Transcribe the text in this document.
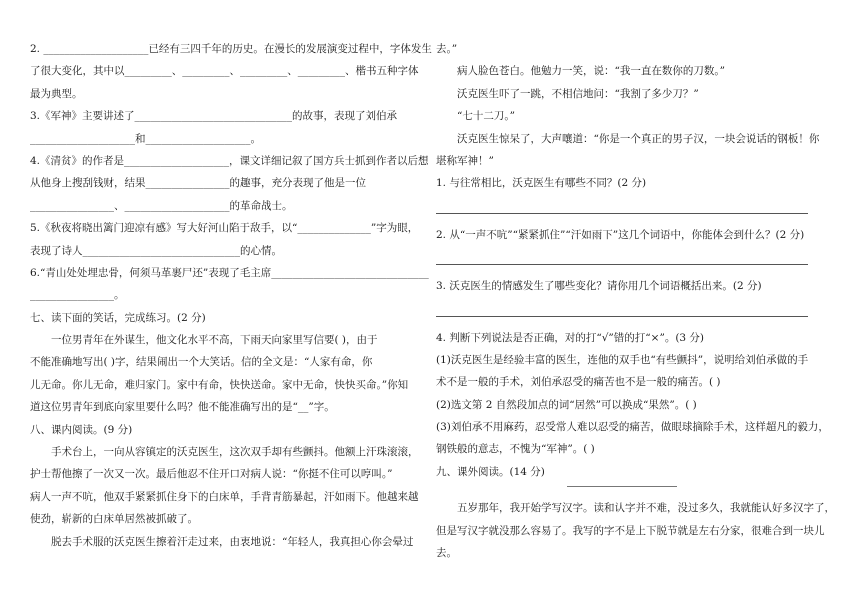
2. ____________________已经有三四千年的历史。在漫长的发展演变过程中，字体发生

了很大变化，其中以_________、_________、_________、_________、楷书五种字体

最为典型。

3.《军神》主要讲述了______________________________的故事，表现了刘伯承

____________________和____________________。

4.《清贫》的作者是____________________，课文详细记叙了国方兵士抓到作者以后想

从他身上搜刮钱财，结果________________的趣事，充分表现了他是一位

________________、____________________的革命战士。

5.《秋夜将晓出篱门迎凉有感》写大好河山陷于敌手，以“______________”字为眼，

表现了诗人______________________________的心情。

6.“青山处处埋忠骨，何须马革裹尸还”表现了毛主席______________________________

________________。

七、读下面的笑话，完成练习。(2 分)

一位男青年在外谋生，他文化水平不高，下雨天向家里写信要( )，由于

不能准确地写出( )字，结果闹出一个大笑话。信的全文是：“人家有命，你

儿无命。你儿无命，难归家门。家中有命，快快送命。家中无命，快快买命。”你知

道这位男青年到底向家里要什么吗？他不能准确写出的是“__”字。

八、课内阅读。(9 分)

手术台上，一向从容镇定的沃克医生，这次双手却有些颤抖。他额上汗珠滚滚，

护士帮他擦了一次又一次。最后他忍不住开口对病人说：“你挺不住可以哼叫。”

病人一声不吭，他双手紧紧抓住身下的白床单，手背青筋暴起，汗如雨下。他越来越

使劲，崭新的白床单居然被抓破了。

脱去手术服的沃克医生擦着汗走过来，由衷地说：“年轻人，我真担心你会晕过

去。”

病人脸色苍白。他勉力一笑，说：“我一直在数你的刀数。”

沃克医生吓了一跳，不相信地问：“我割了多少刀？”

“七十二刀。”

沃克医生惊呆了，大声嚷道：“你是一个真正的男子汉，一块会说话的钢板！你

堪称军神！”

1. 与往常相比，沃克医生有哪些不同？(2 分)

2. 从“一声不吭”“紧紧抓住”“汗如雨下”这几个词语中，你能体会到什么？(2 分)

3. 沃克医生的情感发生了哪些变化？请你用几个词语概括出来。(2 分)

4. 判断下列说法是否正确，对的打“√”错的打“×”。(3 分)

(1)沃克医生是经验丰富的医生，连他的双手也“有些颤抖”，说明给刘伯承做的手

术不是一般的手术，刘伯承忍受的痛苦也不是一般的痛苦。( )

(2)选文第 2 自然段加点的词“居然”可以换成“果然”。( )

(3)刘伯承不用麻药，忍受常人难以忍受的痛苦，做眼球摘除手术，这样超凡的毅力，

钢铁般的意志，不愧为“军神”。( )

九、课外阅读。(14 分)

五岁那年，我开始学写汉字。读和认字并不难，没过多久，我就能认好多汉字了，

但是写汉字就没那么容易了。我写的字不是上下脱节就是左右分家，很难合到一块儿

去。
